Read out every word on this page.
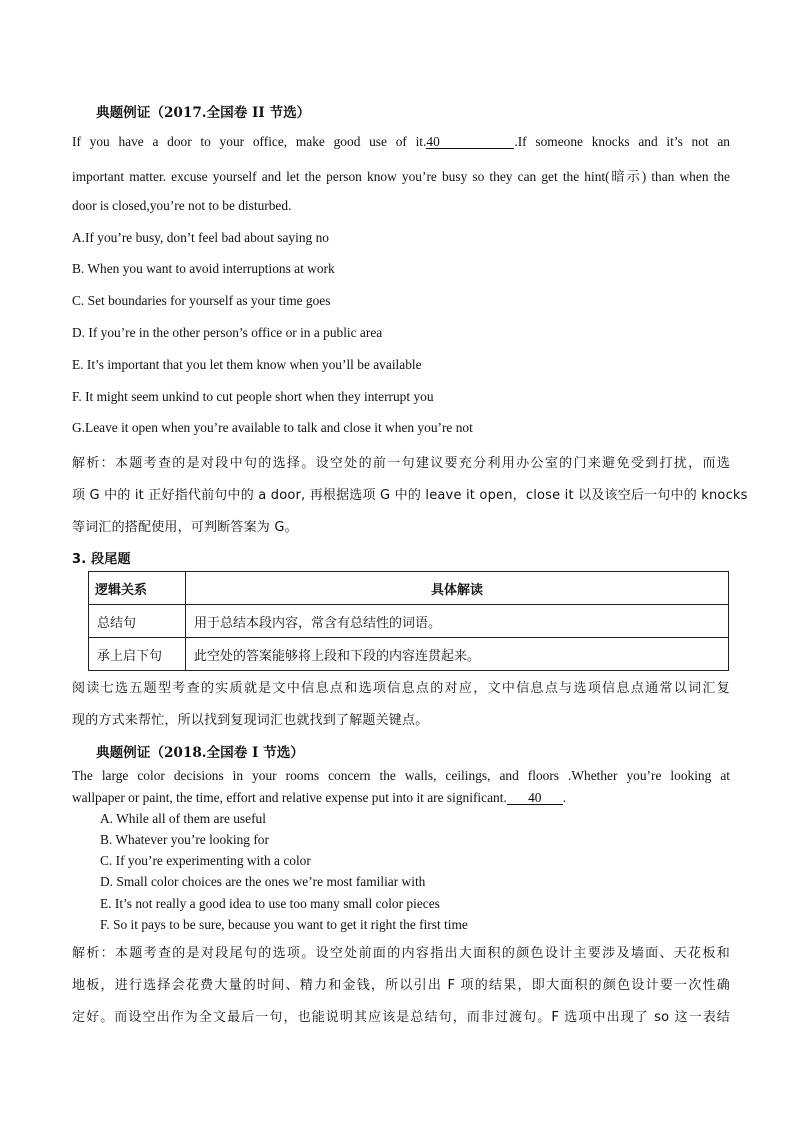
典题例证（2017.全国卷 II 节选）
If you have a door to your office, make good use of it.40	.If someone knocks and it’s not an
important matter. excuse yourself and let the person know you’re busy so they can get the hint(暗示) than when the
door is closed,you’re not to be disturbed.
A.If you’re busy, don’t feel bad about saying no
B. When you want to avoid interruptions at work
C. Set boundaries for yourself as your time goes
D. If you’re in the other person’s office or in a public area
E. It’s important that you let them know when you’ll be available
F. It might seem unkind to cut people short when they interrupt you
G.Leave it open when you’re available to talk and close it when you’re not
解析：本题考查的是对段中句的选择。设空处的前一句建议要充分利用办公室的门来避免受到打扰，而选
项 G 中的 it 正好指代前句中的 a door, 再根据选项 G 中的 leave it open，close it 以及该空后一句中的 knocks
等词汇的搭配使用，可判断答案为 G。
3. 段尾题
逻辑关系	具体解读
总结句	用于总结本段内容，常含有总结性的词语。
承上启下句	此空处的答案能够将上段和下段的内容连贯起来。
阅读七选五题型考查的实质就是文中信息点和选项信息点的对应，文中信息点与选项信息点通常以词汇复
现的方式来帮忙，所以找到复现词汇也就找到了解题关键点。
典题例证（2018.全国卷 I 节选）
The large color decisions in your rooms concern the walls, ceilings, and floors .Whether you’re looking at
wallpaper or paint, the time, effort and relative expense put into it are significant. 40 .
A. While all of them are useful
B. Whatever you’re looking for
C. If you’re experimenting with a color
D. Small color choices are the ones we’re most familiar with
E. It’s not really a good idea to use too many small color pieces
F. So it pays to be sure, because you want to get it right the first time
解析：本题考查的是对段尾句的选项。设空处前面的内容指出大面积的颜色设计主要涉及墙面、天花板和
地板，进行选择会花费大量的时间、精力和金钱，所以引出 F 项的结果，即大面积的颜色设计要一次性确
定好。而设空出作为全文最后一句，也能说明其应该是总结句，而非过渡句。F 选项中出现了 so 这一表结
